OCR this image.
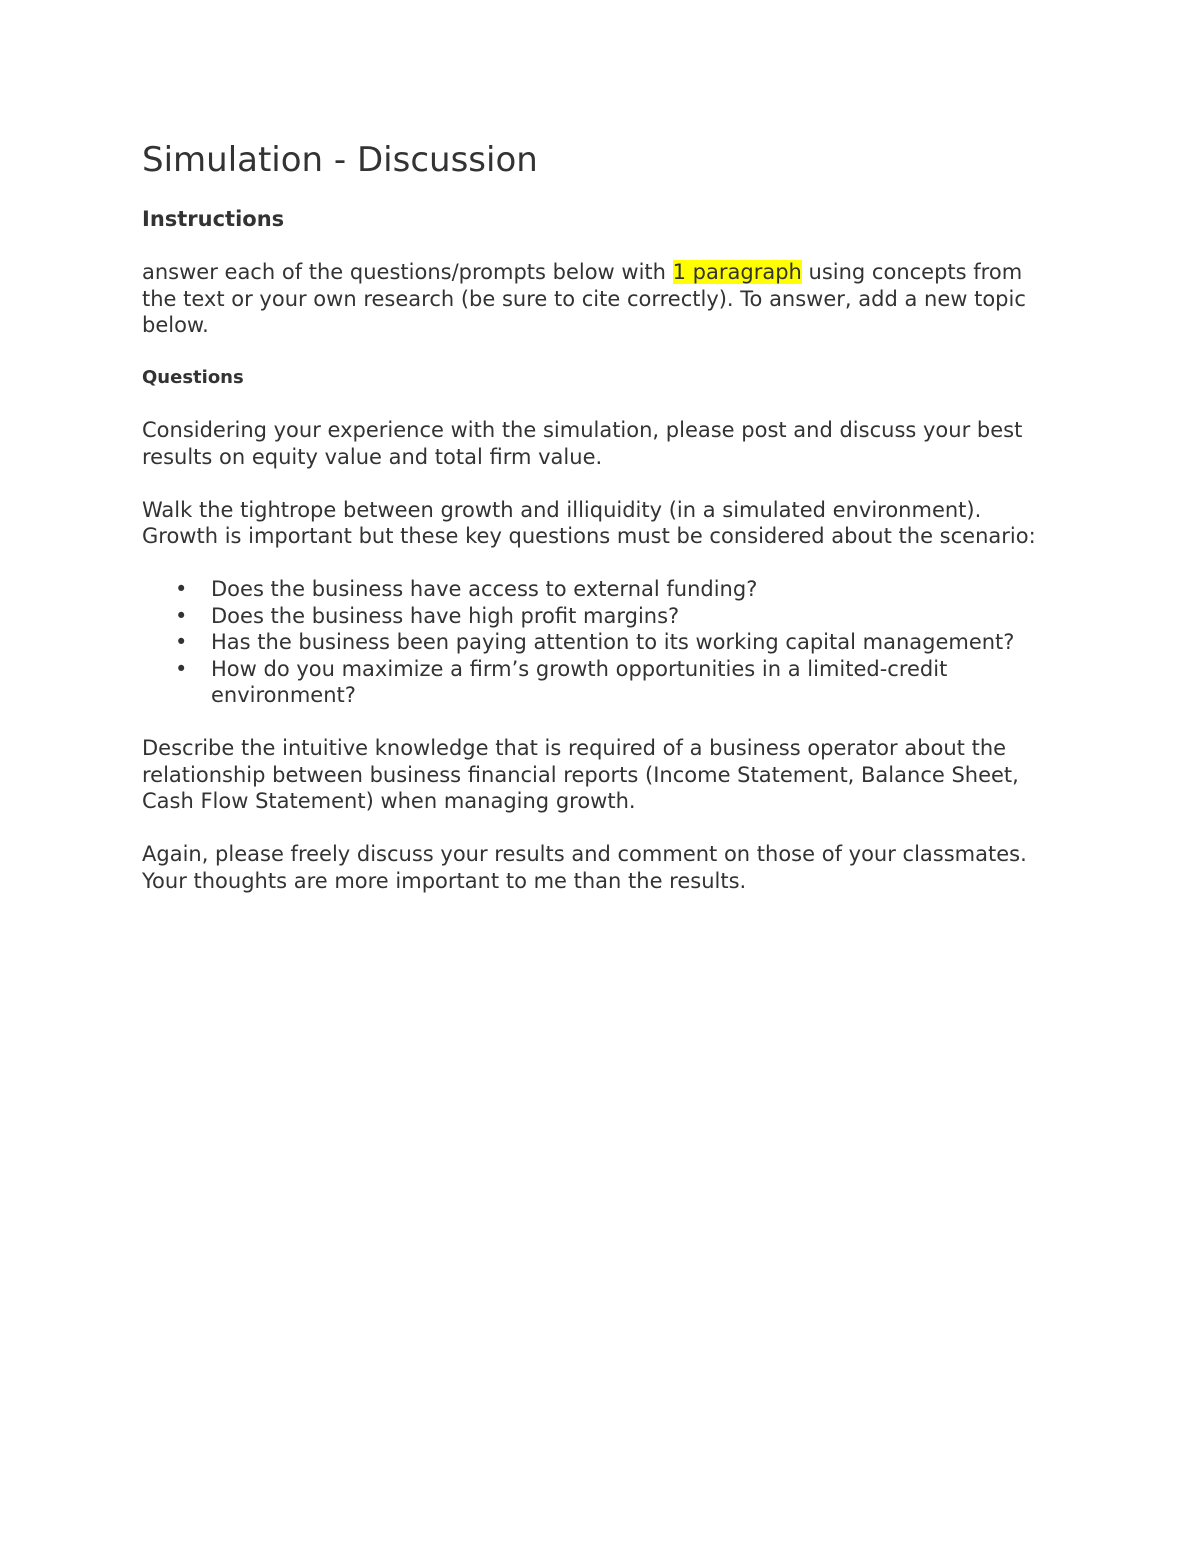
Simulation - Discussion
Instructions

answer each of the questions/prompts below with 1 paragraph using concepts from the text or your own research (be sure to cite correctly). To answer, add a new topic below.

Questions

Considering your experience with the simulation, please post and discuss your best results on equity value and total firm value.

Walk the tightrope between growth and illiquidity (in a simulated environment). Growth is important but these key questions must be considered about the scenario:

• Does the business have access to external funding?
• Does the business have high profit margins?
• Has the business been paying attention to its working capital management?
• How do you maximize a firm’s growth opportunities in a limited-credit environment?

Describe the intuitive knowledge that is required of a business operator about the relationship between business financial reports (Income Statement, Balance Sheet, Cash Flow Statement) when managing growth.

Again, please freely discuss your results and comment on those of your classmates. Your thoughts are more important to me than the results.
